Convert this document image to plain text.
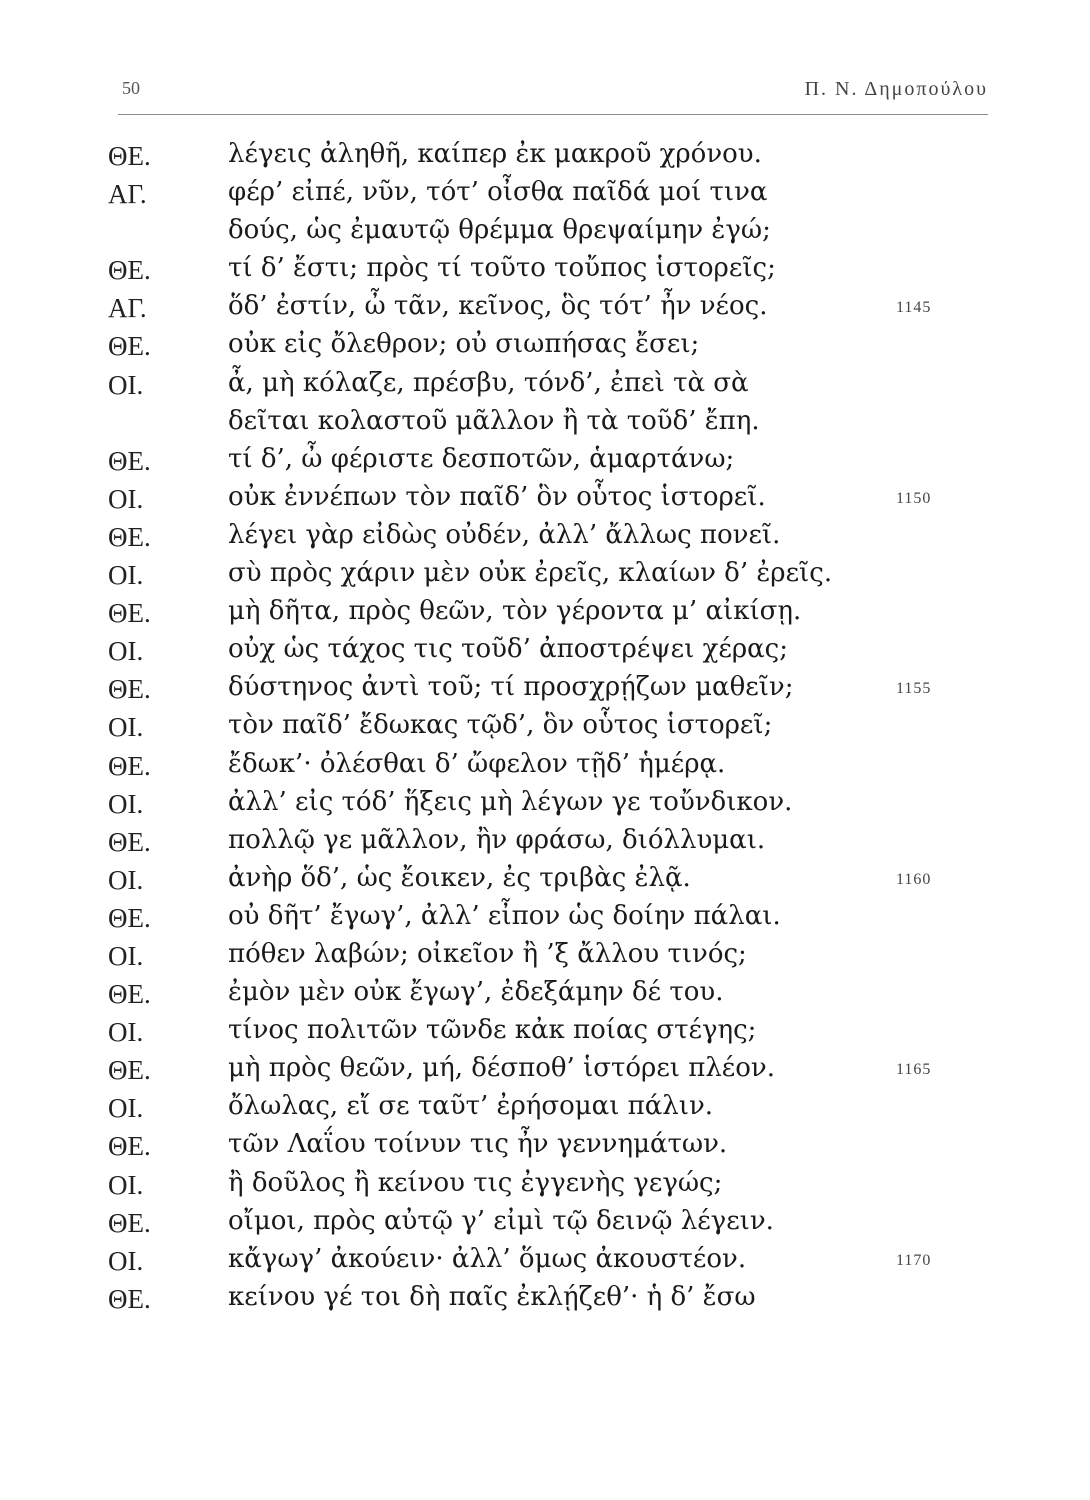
50	Π. Ν. Δημοπούλου
ΘΕ.	λέγεις ἀληθῆ, καίπερ ἐκ μακροῦ χρόνου.
ΑΓ.	φέρ’ εἰπέ, νῦν, τότ’ οἶσθα παῖδά μοί τινα
δούς, ὡς ἐμαυτῷ θρέμμα θρεψαίμην ἐγώ;
ΘΕ.	τί δ’ ἔστι; πρὸς τί τοῦτο τοὔπος ἱστορεῖς;
ΑΓ.	ὅδ’ ἐστίν, ὦ τᾶν, κεῖνος, ὃς τότ’ ἦν νέος.	1145
ΘΕ.	οὐκ εἰς ὄλεθρον; οὐ σιωπήσας ἔσει;
ΟΙ.	ἆ, μὴ κόλαζε, πρέσβυ, τόνδ’, ἐπεὶ τὰ σὰ
δεῖται κολαστοῦ μᾶλλον ἢ τὰ τοῦδ’ ἔπη.
ΘΕ.	τί δ’, ὦ φέριστε δεσποτῶν, ἁμαρτάνω;
ΟΙ.	οὐκ ἐννέπων τὸν παῖδ’ ὃν οὗτος ἱστορεῖ.	1150
ΘΕ.	λέγει γὰρ εἰδὼς οὐδέν, ἀλλ’ ἄλλως πονεῖ.
ΟΙ.	σὺ πρὸς χάριν μὲν οὐκ ἐρεῖς, κλαίων δ’ ἐρεῖς.
ΘΕ.	μὴ δῆτα, πρὸς θεῶν, τὸν γέροντα μ’ αἰκίσῃ.
ΟΙ.	οὐχ ὡς τάχος τις τοῦδ’ ἀποστρέψει χέρας;
ΘΕ.	δύστηνος ἀντὶ τοῦ; τί προσχρῄζων μαθεῖν;	1155
ΟΙ.	τὸν παῖδ’ ἔδωκας τῷδ’, ὃν οὗτος ἱστορεῖ;
ΘΕ.	ἔδωκ’· ὀλέσθαι δ’ ὤφελον τῇδ’ ἡμέρᾳ.
ΟΙ.	ἀλλ’ εἰς τόδ’ ἥξεις μὴ λέγων γε τοὔνδικον.
ΘΕ.	πολλῷ γε μᾶλλον, ἢν φράσω, διόλλυμαι.
ΟΙ.	ἀνὴρ ὅδ’, ὡς ἔοικεν, ἐς τριβὰς ἐλᾷ.	1160
ΘΕ.	οὐ δῆτ’ ἔγωγ’, ἀλλ’ εἶπον ὡς δοίην πάλαι.
ΟΙ.	πόθεν λαβών; οἰκεῖον ἢ ’ξ ἄλλου τινός;
ΘΕ.	ἐμὸν μὲν οὐκ ἔγωγ’, ἐδεξάμην δέ του.
ΟΙ.	τίνος πολιτῶν τῶνδε κἀκ ποίας στέγης;
ΘΕ.	μὴ πρὸς θεῶν, μή, δέσποθ’ ἱστόρει πλέον.	1165
ΟΙ.	ὄλωλας, εἴ σε ταῦτ’ ἐρήσομαι πάλιν.
ΘΕ.	τῶν Λαΐου τοίνυν τις ἦν γεννημάτων.
ΟΙ.	ἢ δοῦλος ἢ κείνου τις ἐγγενὴς γεγώς;
ΘΕ.	οἴμοι, πρὸς αὐτῷ γ’ εἰμὶ τῷ δεινῷ λέγειν.
ΟΙ.	κἄγωγ’ ἀκούειν· ἀλλ’ ὅμως ἀκουστέον.	1170
ΘΕ.	κείνου γέ τοι δὴ παῖς ἐκλῄζεθ’· ἡ δ’ ἔσω
